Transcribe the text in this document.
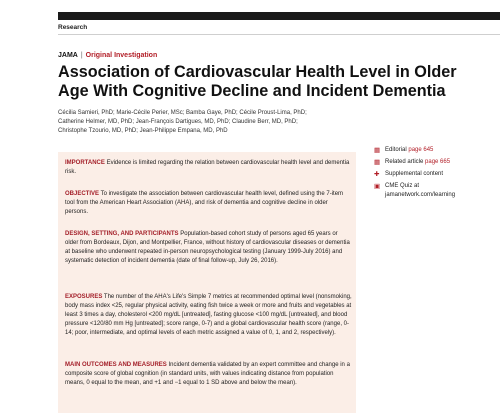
Research
JAMA | Original Investigation
Association of Cardiovascular Health Level in Older Age With Cognitive Decline and Incident Dementia
Cécilia Samieri, PhD; Marie-Cécile Perier, MSc; Bamba Gaye, PhD; Cécile Proust-Lima, PhD;
Catherine Helmer, MD, PhD; Jean-François Dartigues, MD, PhD; Claudine Berr, MD, PhD;
Christophe Tzourio, MD, PhD; Jean-Philippe Empana, MD, PhD
IMPORTANCE Evidence is limited regarding the relation between cardiovascular health level and dementia risk.
OBJECTIVE To investigate the association between cardiovascular health level, defined using the 7-item tool from the American Heart Association (AHA), and risk of dementia and cognitive decline in older persons.
DESIGN, SETTING, AND PARTICIPANTS Population-based cohort study of persons aged 65 years or older from Bordeaux, Dijon, and Montpellier, France, without history of cardiovascular diseases or dementia at baseline who underwent repeated in-person neuropsychological testing (January 1999-July 2016) and systematic detection of incident dementia (date of final follow-up, July 26, 2016).
EXPOSURES The number of the AHA's Life's Simple 7 metrics at recommended optimal level (nonsmoking, body mass index <25, regular physical activity, eating fish twice a week or more and fruits and vegetables at least 3 times a day, cholesterol <200 mg/dL [untreated], fasting glucose <100 mg/dL [untreated], and blood pressure <120/80 mm Hg [untreated]; score range, 0-7) and a global cardiovascular health score (range, 0-14; poor, intermediate, and optimal levels of each metric assigned a value of 0, 1, and 2, respectively).
MAIN OUTCOMES AND MEASURES Incident dementia validated by an expert committee and change in a composite score of global cognition (in standard units, with values indicating distance from population means, 0 equal to the mean, and +1 and −1 equal to 1 SD above and below the mean).
▦ Editorial page 645
▦ Related article page 665
✚ Supplemental content
▣ CME Quiz at
jamanetwork.com/learning
